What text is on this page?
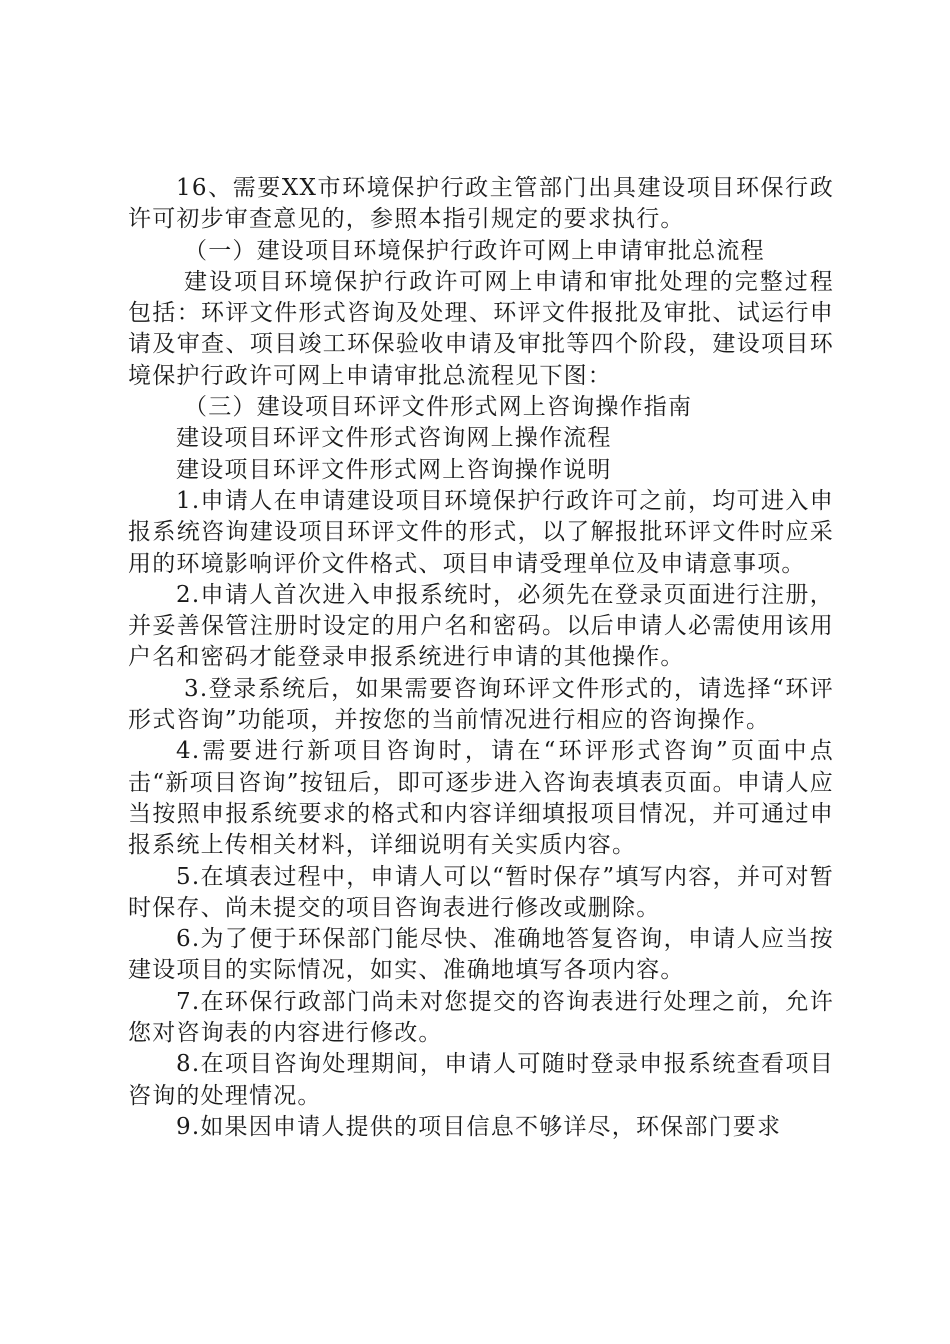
16、需要XX市环境保护行政主管部门出具建设项目环保行政许可初步审查意见的，参照本指引规定的要求执行。

（一）建设项目环境保护行政许可网上申请审批总流程

建设项目环境保护行政许可网上申请和审批处理的完整过程包括：环评文件形式咨询及处理、环评文件报批及审批、试运行申请及审查、项目竣工环保验收申请及审批等四个阶段，建设项目环境保护行政许可网上申请审批总流程见下图：

（三）建设项目环评文件形式网上咨询操作指南

建设项目环评文件形式咨询网上操作流程

建设项目环评文件形式网上咨询操作说明

1.申请人在申请建设项目环境保护行政许可之前，均可进入申报系统咨询建设项目环评文件的形式，以了解报批环评文件时应采用的环境影响评价文件格式、项目申请受理单位及申请意事项。

2.申请人首次进入申报系统时，必须先在登录页面进行注册，并妥善保管注册时设定的用户名和密码。以后申请人必需使用该用户名和密码才能登录申报系统进行申请的其他操作。

3.登录系统后，如果需要咨询环评文件形式的，请选择“环评形式咨询”功能项，并按您的当前情况进行相应的咨询操作。

4.需要进行新项目咨询时，请在“环评形式咨询”页面中点击“新项目咨询”按钮后，即可逐步进入咨询表填表页面。申请人应当按照申报系统要求的格式和内容详细填报项目情况，并可通过申报系统上传相关材料，详细说明有关实质内容。

5.在填表过程中，申请人可以“暂时保存”填写内容，并可对暂时保存、尚未提交的项目咨询表进行修改或删除。

6.为了便于环保部门能尽快、准确地答复咨询，申请人应当按建设项目的实际情况，如实、准确地填写各项内容。

7.在环保行政部门尚未对您提交的咨询表进行处理之前，允许您对咨询表的内容进行修改。

8.在项目咨询处理期间，申请人可随时登录申报系统查看项目咨询的处理情况。

9.如果因申请人提供的项目信息不够详尽，环保部门要求
